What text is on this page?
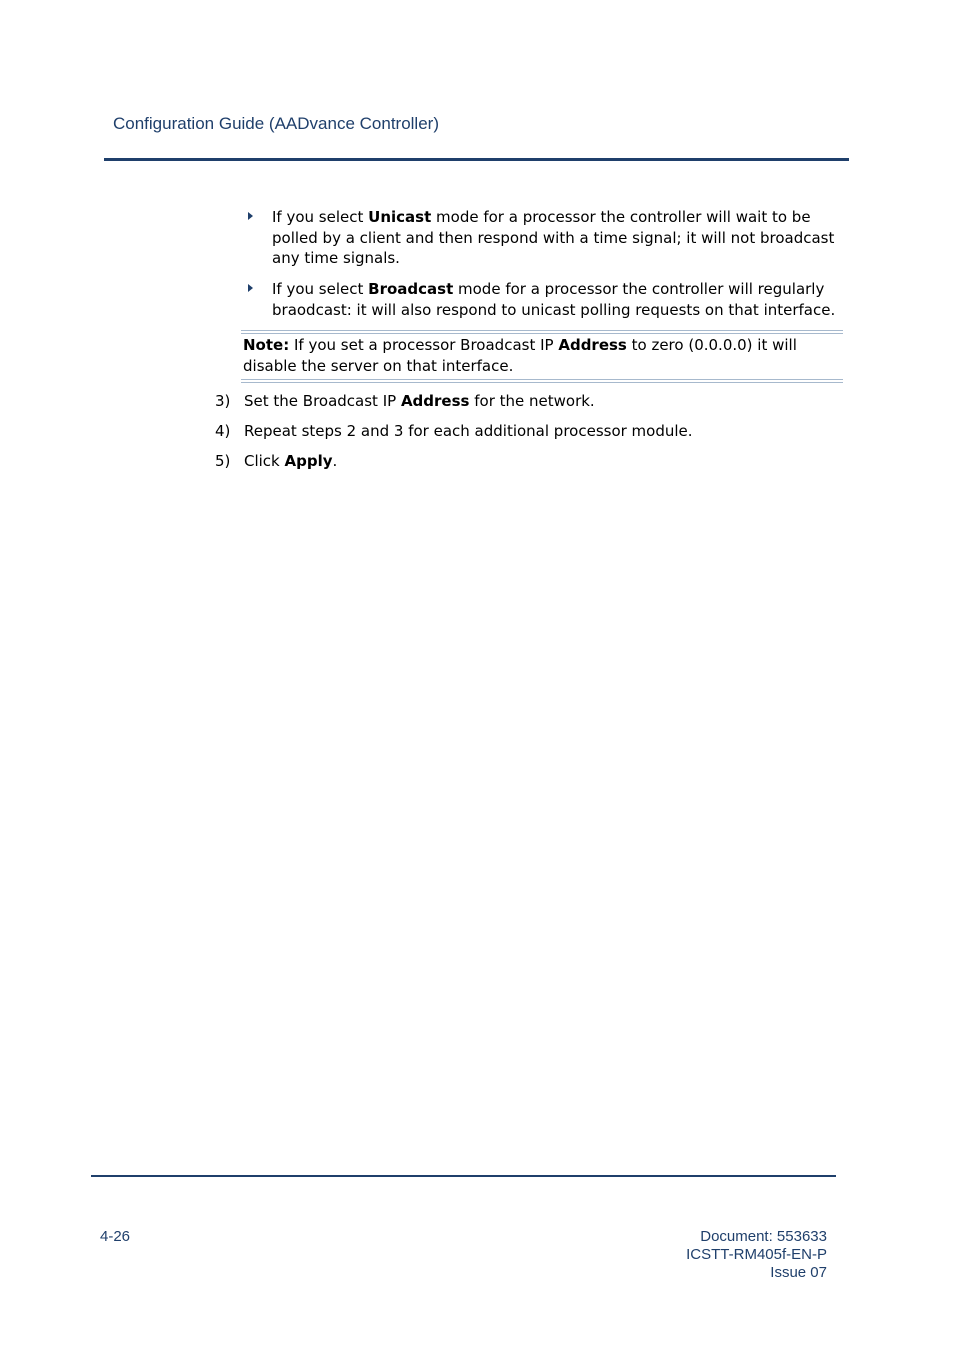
Configuration Guide (AADvance Controller)
If you select Unicast mode for a processor the controller will wait to be polled by a client and then respond with a time signal; it will not broadcast any time signals.
If you select Broadcast mode for a processor the controller will regularly braodcast: it will also respond to unicast polling requests on that interface.
Note: If you set a processor Broadcast IP Address to zero (0.0.0.0) it will disable the server on that interface.
3) Set the Broadcast IP Address for the network.
4) Repeat steps 2 and 3 for each additional processor module.
5) Click Apply.
4-26	Document: 553633
ICSTT-RM405f-EN-P
Issue 07
